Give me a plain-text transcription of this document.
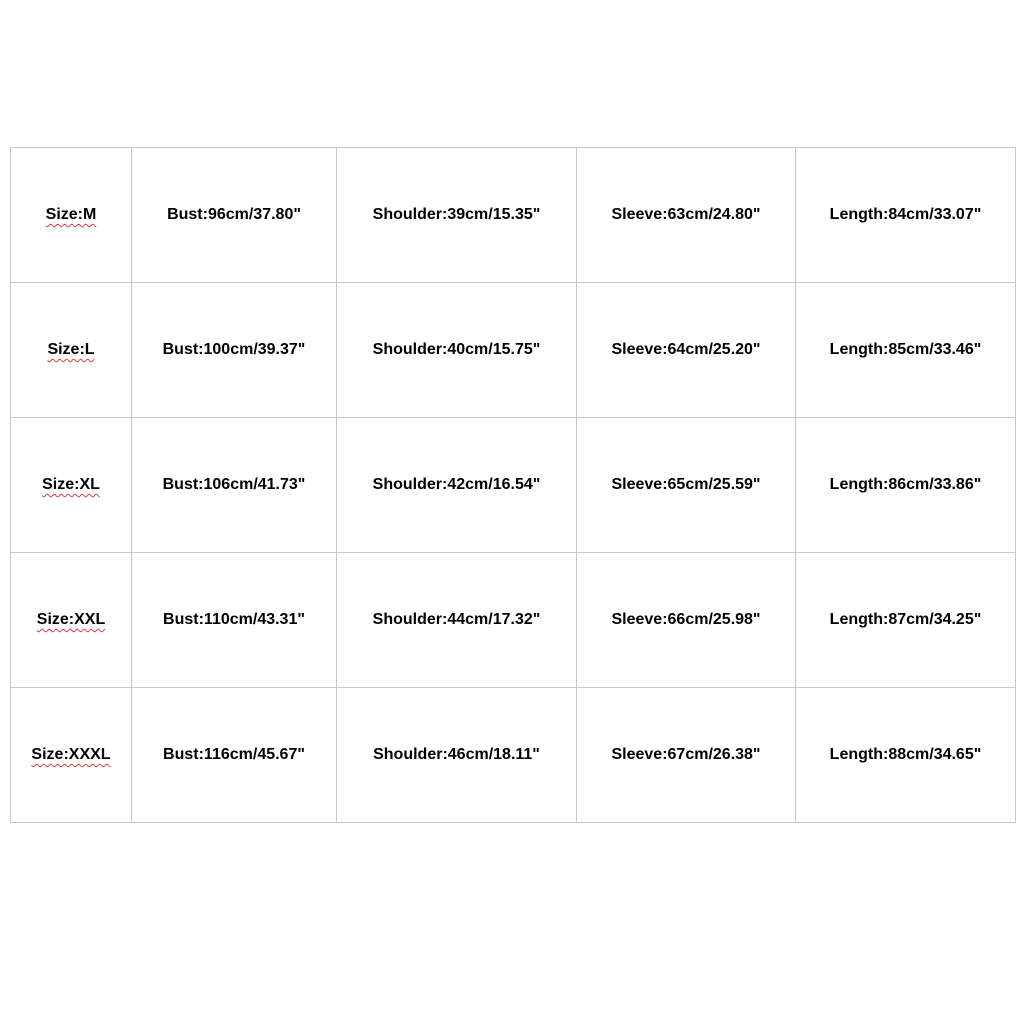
Size:M	Bust:96cm/37.80"	Shoulder:39cm/15.35"	Sleeve:63cm/24.80"	Length:84cm/33.07"
Size:L	Bust:100cm/39.37"	Shoulder:40cm/15.75"	Sleeve:64cm/25.20"	Length:85cm/33.46"
Size:XL	Bust:106cm/41.73"	Shoulder:42cm/16.54"	Sleeve:65cm/25.59"	Length:86cm/33.86"
Size:XXL	Bust:110cm/43.31"	Shoulder:44cm/17.32"	Sleeve:66cm/25.98"	Length:87cm/34.25"
Size:XXXL	Bust:116cm/45.67"	Shoulder:46cm/18.11"	Sleeve:67cm/26.38"	Length:88cm/34.65"
